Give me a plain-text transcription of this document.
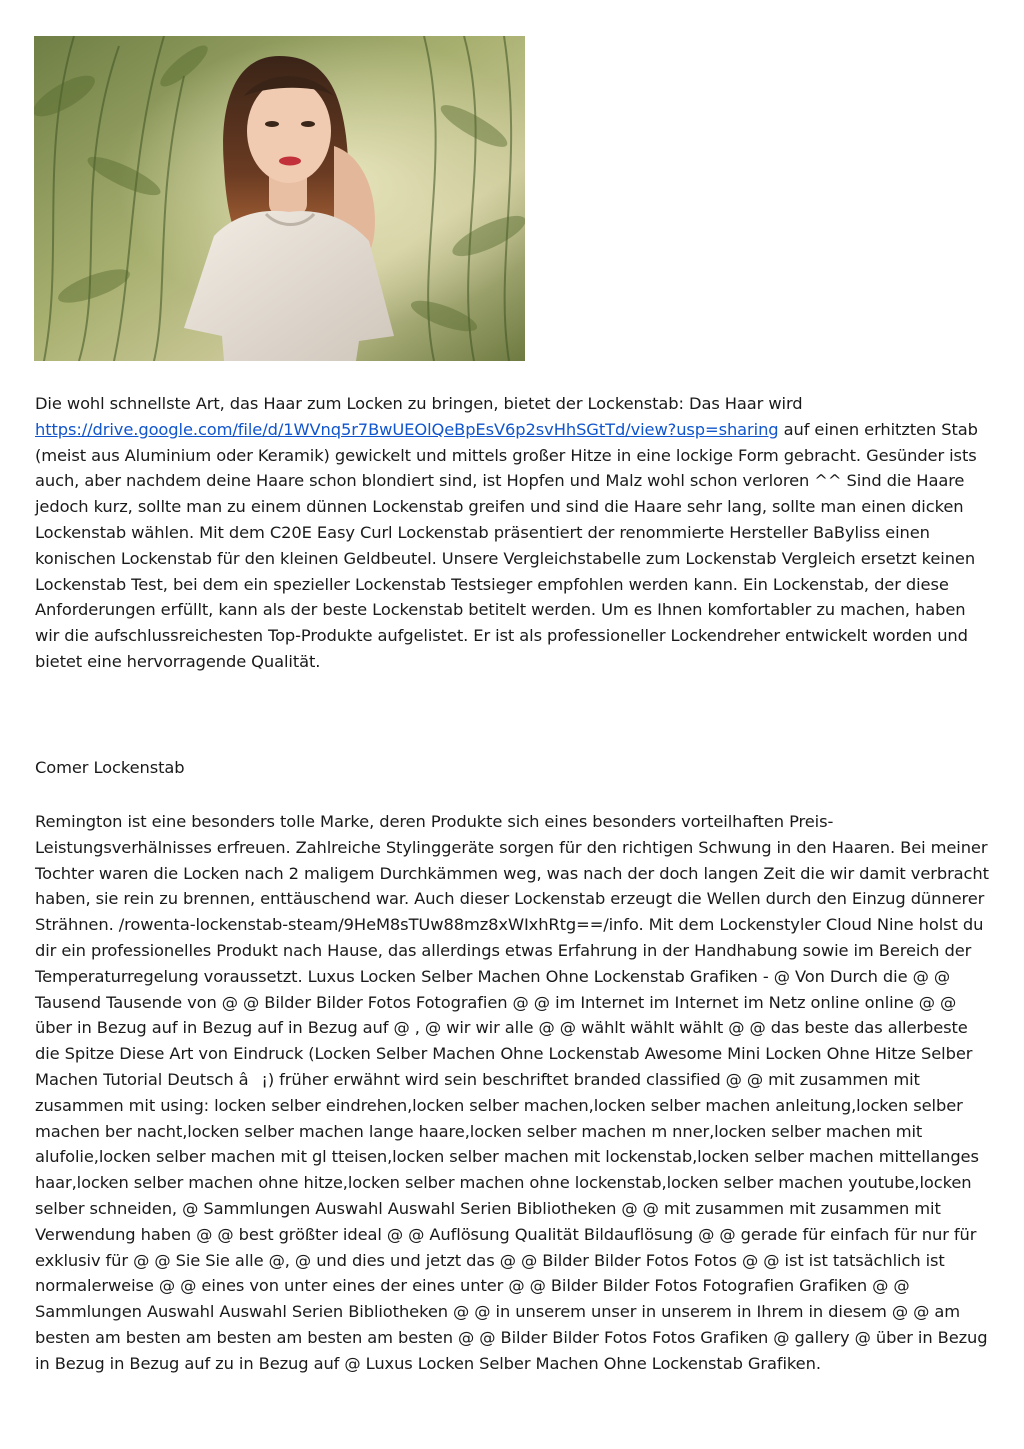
Die wohl schnellste Art, das Haar zum Locken zu bringen, bietet der Lockenstab: Das Haar wird https://drive.google.com/file/d/1WVnq5r7BwUEOlQeBpEsV6p2svHhSGtTd/view?usp=sharing auf einen erhitzten Stab (meist aus Aluminium oder Keramik) gewickelt und mittels großer Hitze in eine lockige Form gebracht. Gesünder ists auch, aber nachdem deine Haare schon blondiert sind, ist Hopfen und Malz wohl schon verloren ^^ Sind die Haare jedoch kurz, sollte man zu einem dünnen Lockenstab greifen und sind die Haare sehr lang, sollte man einen dicken Lockenstab wählen. Mit dem C20E Easy Curl Lockenstab präsentiert der renommierte Hersteller BaByliss einen konischen Lockenstab für den kleinen Geldbeutel. Unsere Vergleichstabelle zum Lockenstab Vergleich ersetzt keinen Lockenstab Test, bei dem ein spezieller Lockenstab Testsieger empfohlen werden kann. Ein Lockenstab, der diese Anforderungen erfüllt, kann als der beste Lockenstab betitelt werden. Um es Ihnen komfortabler zu machen, haben wir die aufschlussreichesten Top-Produkte aufgelistet. Er ist als professioneller Lockendreher entwickelt worden und bietet eine hervorragende Qualität.

Comer Lockenstab

Remington ist eine besonders tolle Marke, deren Produkte sich eines besonders vorteilhaften Preis-Leistungsverhälnisses erfreuen. Zahlreiche Stylinggeräte sorgen für den richtigen Schwung in den Haaren. Bei meiner Tochter waren die Locken nach 2 maligem Durchkämmen weg, was nach der doch langen Zeit die wir damit verbracht haben, sie rein zu brennen, enttäuschend war. Auch dieser Lockenstab erzeugt die Wellen durch den Einzug dünnerer Strähnen. /rowenta-lockenstab-steam/9HeM8sTUw88mz8xWIxhRtg==/info. Mit dem Lockenstyler Cloud Nine holst du dir ein professionelles Produkt nach Hause, das allerdings etwas Erfahrung in der Handhabung sowie im Bereich der Temperaturregelung voraussetzt. Luxus Locken Selber Machen Ohne Lockenstab Grafiken - @ Von Durch die @ @ Tausend Tausende von @ @ Bilder Bilder Fotos Fotografien @ @ im Internet im Internet im Netz online online @ @ über in Bezug auf in Bezug auf in Bezug auf @ , @ wir wir alle @ @ wählt wählt wählt @ @ das beste das allerbeste die Spitze Diese Art von Eindruck (Locken Selber Machen Ohne Lockenstab Awesome Mini Locken Ohne Hitze Selber Machen Tutorial Deutsch â¡) früher erwähnt wird sein beschriftet branded classified @ @ mit zusammen mit zusammen mit using: locken selber eindrehen,locken selber machen,locken selber machen anleitung,locken selber machen ber nacht,locken selber machen lange haare,locken selber machen m nner,locken selber machen mit alufolie,locken selber machen mit gl tteisen,locken selber machen mit lockenstab,locken selber machen mittellanges haar,locken selber machen ohne hitze,locken selber machen ohne lockenstab,locken selber machen youtube,locken selber schneiden, @ Sammlungen Auswahl Auswahl Serien Bibliotheken @ @ mit zusammen mit zusammen mit Verwendung haben @ @ best größter ideal @ @ Auflösung Qualität Bildauflösung @ @ gerade für einfach für nur für exklusiv für @ @ Sie Sie alle @, @ und dies und jetzt das @ @ Bilder Bilder Fotos Fotos @ @ ist ist tatsächlich ist normalerweise @ @ eines von unter eines der eines unter @ @ Bilder Bilder Fotos Fotografien Grafiken @ @ Sammlungen Auswahl Auswahl Serien Bibliotheken @ @ in unserem unser in unserem in Ihrem in diesem @ @ am besten am besten am besten am besten am besten @ @ Bilder Bilder Fotos Fotos Grafiken @ gallery @ über in Bezug in Bezug in Bezug auf zu in Bezug auf @ Luxus Locken Selber Machen Ohne Lockenstab Grafiken.
